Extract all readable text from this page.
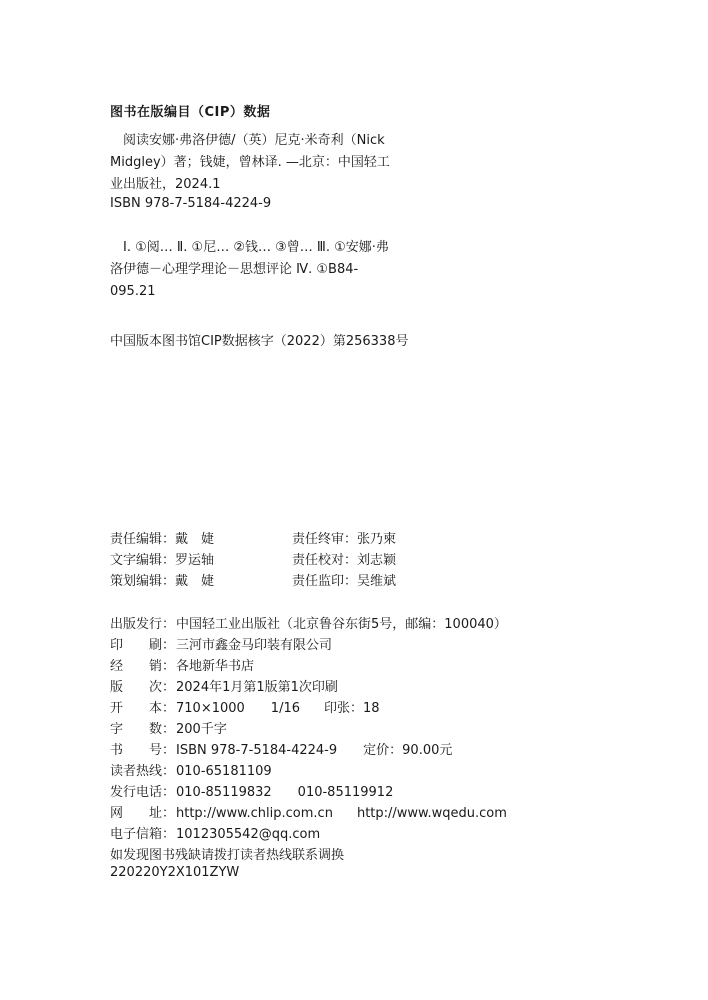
图书在版编目（CIP）数据
阅读安娜·弗洛伊德/（英）尼克·米奇利（Nick Midgley）著；钱婕，曾林译. —北京：中国轻工业出版社，2024.1
ISBN 978-7-5184-4224-9
Ⅰ. ①阅… Ⅱ. ①尼… ②钱… ③曾… Ⅲ. ①安娜·弗洛伊德－心理学理论－思想评论 Ⅳ. ①B84-095.21
中国版本图书馆CIP数据核字（2022）第256338号
责任编辑：戴　婕	责任终审：张乃柬
文字编辑：罗运轴	责任校对：刘志颖
策划编辑：戴　婕	责任监印：吴维斌
出版发行：中国轻工业出版社（北京鲁谷东街5号，邮编：100040）
印　　刷：三河市鑫金马印装有限公司
经　　销：各地新华书店
版　　次：2024年1月第1版第1次印刷
开　　本：710×1000 1/16 印张：18
字　　数：200千字
书　　号：ISBN 978-7-5184-4224-9 定价：90.00元
读者热线：010-65181109
发行电话：010-85119832 010-85119912
网　　址：http://www.chlip.com.cn http://www.wqedu.com
电子信箱：1012305542@qq.com
如发现图书残缺请拨打读者热线联系调换
220220Y2X101ZYW
